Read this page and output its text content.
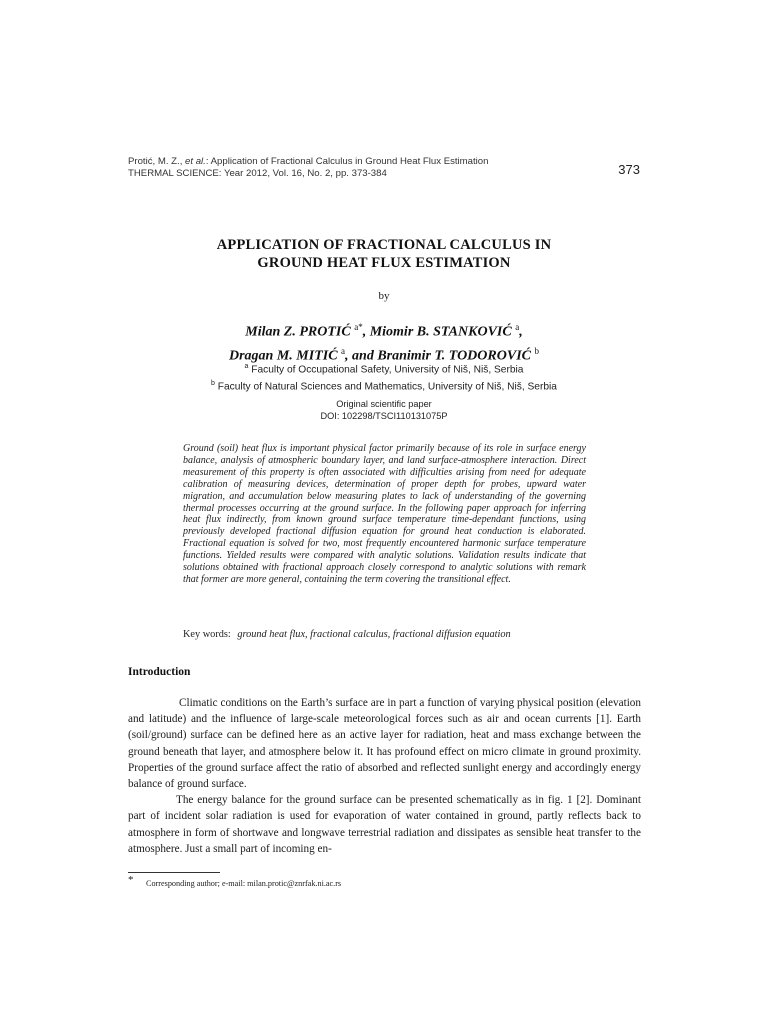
Protić, M. Z., et al.: Application of Fractional Calculus in Ground Heat Flux Estimation
THERMAL SCIENCE: Year 2012, Vol. 16, No. 2, pp. 373-384	373
APPLICATION OF FRACTIONAL CALCULUS IN
GROUND HEAT FLUX ESTIMATION
by
Milan Z. PROTIĆ $^{a*}$, Miomir B. STANKOVIĆ $^a$,
Dragan M. MITIĆ $^a$, and Branimir T. TODOROVIĆ $^b$
$^a$ Faculty of Occupational Safety, University of Niš, Niš, Serbia
$^b$ Faculty of Natural Sciences and Mathematics, University of Niš, Niš, Serbia
Original scientific paper
DOI: 102298/TSCI110131075P
Ground (soil) heat flux is important physical factor primarily because of its role in surface energy balance, analysis of atmospheric boundary layer, and land surface-atmosphere interaction. Direct measurement of this property is often associated with difficulties arising from need for adequate calibration of measuring devices, determination of proper depth for probes, upward water migration, and accumulation below measuring plates to lack of understanding of the governing thermal processes occurring at the ground surface. In the following paper approach for inferring heat flux indirectly, from known ground surface temperature time-dependant functions, using previously developed fractional diffusion equation for ground heat conduction is elaborated. Fractional equation is solved for two, most frequently encountered harmonic surface temperature functions. Yielded results were compared with analytic solutions. Validation results indicate that solutions obtained with fractional approach closely correspond to analytic solutions with remark that former are more general, containing the term covering the transitional effect.
Key words: ground heat flux, fractional calculus, fractional diffusion equation
Introduction

Climatic conditions on the Earth’s surface are in part a function of varying physical position (elevation and latitude) and the influence of large-scale meteorological forces such as air and ocean currents [1]. Earth (soil/ground) surface can be defined here as an active layer for radiation, heat and mass exchange between the ground beneath that layer, and atmosphere below it. It has profound effect on micro climate in ground proximity. Properties of the ground surface affect the ratio of absorbed and reflected sunlight energy and accordingly energy balance of ground surface.

The energy balance for the ground surface can be presented schematically as in fig. 1 [2]. Dominant part of incident solar radiation is used for evaporation of water contained in ground, partly reflects back to atmosphere in form of shortwave and longwave terrestrial radiation and dissipates as sensible heat transfer to the atmosphere. Just a small part of incoming en-

* Corresponding author; e-mail: milan.protic@znrfak.ni.ac.rs
